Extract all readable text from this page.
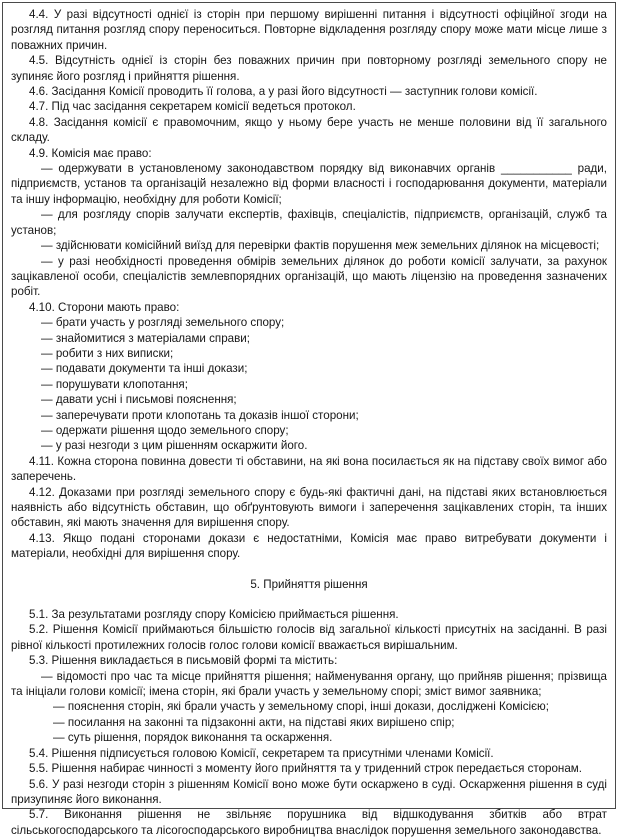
4.4. У разі відсутності однієї із сторін при першому вирішенні питання і відсутності офіційної згоди на розгляд питання розгляд спору переноситься. Повторне відкладення розгляду спору може мати місце лише з поважних причин.

4.5. Відсутність однієї із сторін без поважних причин при повторному розгляді земельного спору не зупиняє його розгляд і прийняття рішення.

4.6. Засідання Комісії проводить її голова, а у разі його відсутності — заступник голови комісії.

4.7. Під час засідання секретарем комісії ведеться протокол.

4.8. Засідання комісії є правомочним, якщо у ньому бере участь не менше половини від її загального складу.

4.9. Комісія має право:

— одержувати в установленому законодавством порядку від виконавчих органів ___________ ради, підприємств, установ та організацій незалежно від форми власності і господарювання документи, матеріали та іншу інформацію, необхідну для роботи Комісії;

— для розгляду спорів залучати експертів, фахівців, спеціалістів, підприємств, організацій, служб та установ;

— здійснювати комісійний виїзд для перевірки фактів порушення меж земельних ділянок на місцевості;

— у разі необхідності проведення обмірів земельних ділянок до роботи комісії залучати, за рахунок зацікавленої особи, спеціалістів землевпорядних організацій, що мають ліцензію на проведення зазначених робіт.

4.10. Сторони мають право:

— брати участь у розгляді земельного спору;

— знайомитися з матеріалами справи;

— робити з них виписки;

— подавати документи та інші докази;

— порушувати клопотання;

— давати усні і письмові пояснення;

— заперечувати проти клопотань та доказів іншої сторони;

— одержати рішення щодо земельного спору;

— у разі незгоди з цим рішенням оскаржити його.

4.11. Кожна сторона повинна довести ті обставини, на які вона посилається як на підставу своїх вимог або заперечень.

4.12. Доказами при розгляді земельного спору є будь-які фактичні дані, на підставі яких встановлюється наявність або відсутність обставин, що обґрунтовують вимоги і заперечення зацікавлених сторін, та інших обставин, які мають значення для вирішення спору.

4.13. Якщо подані сторонами докази є недостатніми, Комісія має право витребувати документи і матеріали, необхідні для вирішення спору.

5. Прийняття рішення

5.1. За результатами розгляду спору Комісією приймається рішення.

5.2. Рішення Комісії приймаються більшістю голосів від загальної кількості присутніх на засіданні. В разі рівної кількості протилежних голосів голос голови комісії вважається вирішальним.

5.3. Рішення викладається в письмовій формі та містить:

— відомості про час та місце прийняття рішення; найменування органу, що прийняв рішення; прізвища та ініціали голови комісії; імена сторін, які брали участь у земельному спорі; зміст вимог заявника;

— пояснення сторін, які брали участь у земельному спорі, інші докази, досліджені Комісією;

— посилання на законні та підзаконні акти, на підставі яких вирішено спір;

— суть рішення, порядок виконання та оскарження.

5.4. Рішення підписується головою Комісії, секретарем та присутніми членами Комісії.

5.5. Рішення набирає чинності з моменту його прийняття та у триденний строк передається сторонам.

5.6. У разі незгоди сторін з рішенням Комісії воно може бути оскаржено в суді. Оскарження рішення в суді призупиняє його виконання.

5.7. Виконання рішення не звільняє порушника від відшкодування збитків або втрат сільськогосподарського та лісогосподарського виробництва внаслідок порушення земельного законодавства.
